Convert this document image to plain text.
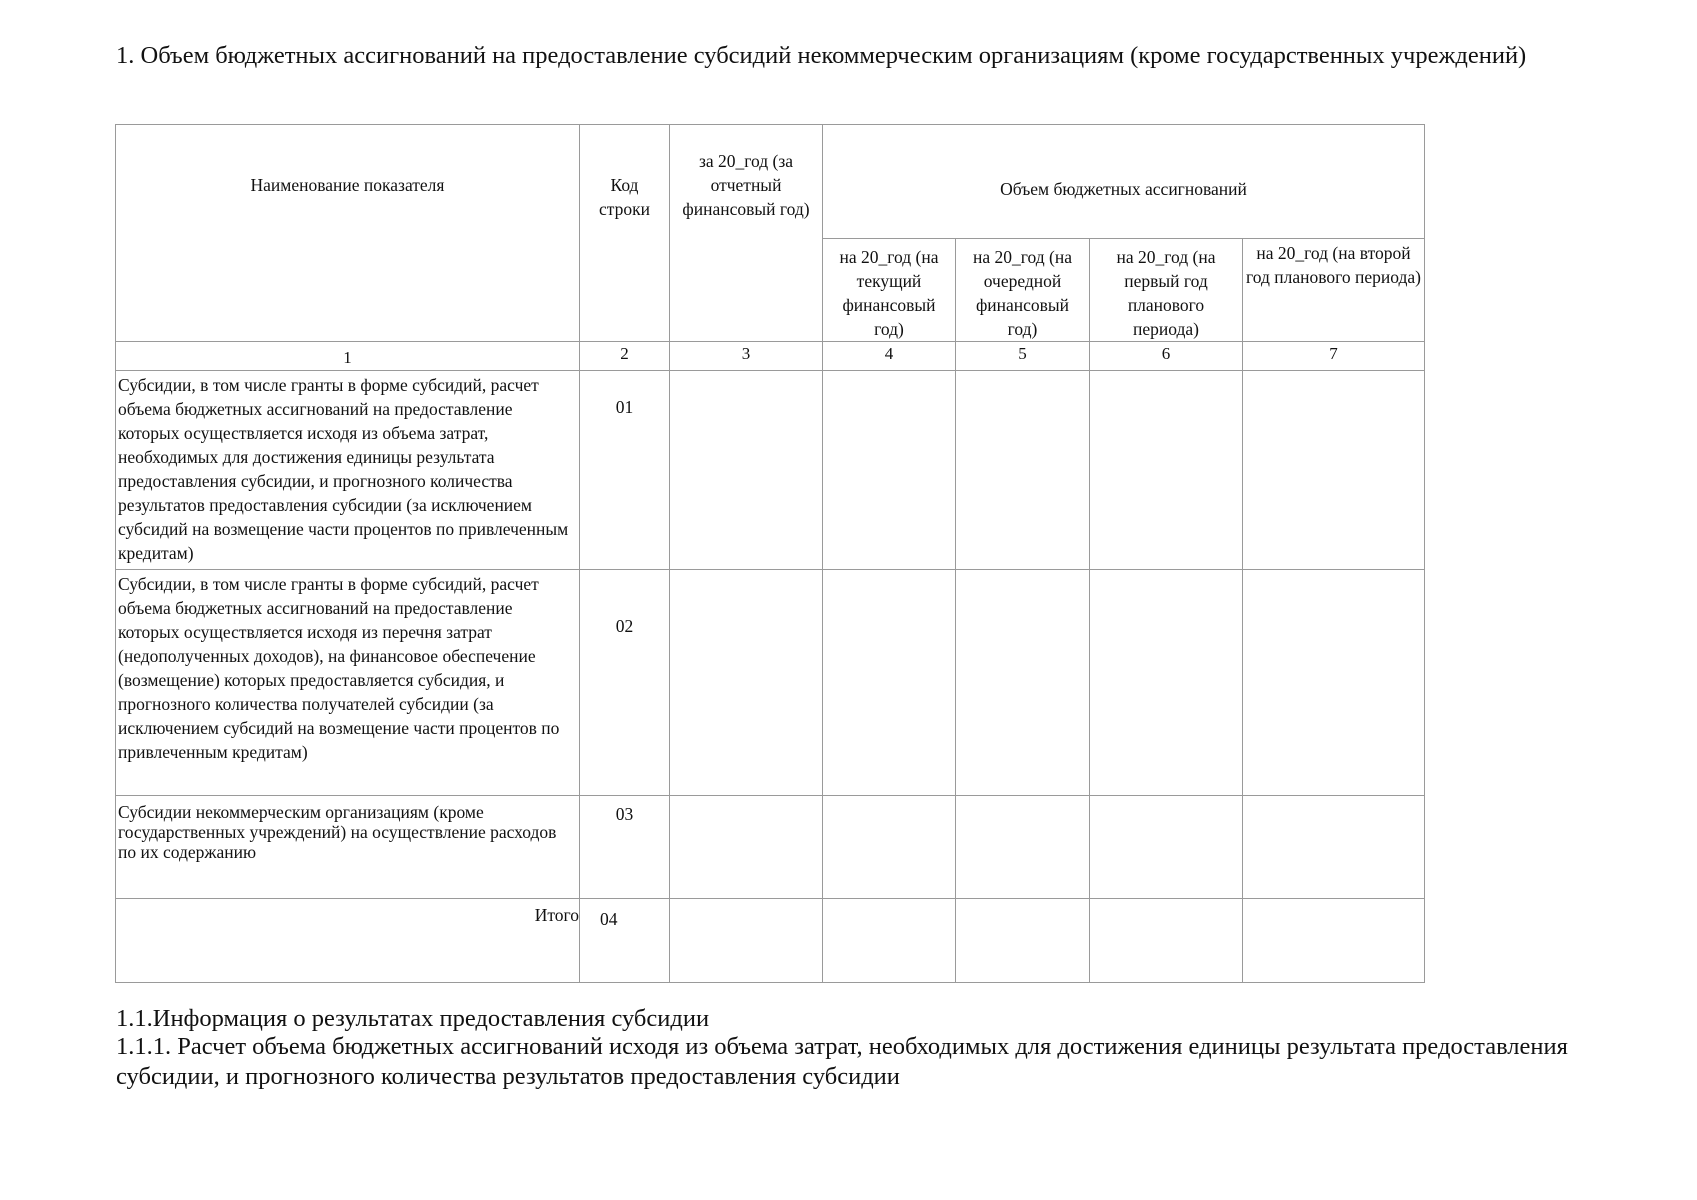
1. Объем бюджетных ассигнований на предоставление субсидий некоммерческим организациям (кроме государственных учреждений)
Наименование показателя	Код строки	за 20_год (за отчетный финансовый год)	Объем бюджетных ассигнований			

			на 20_год (на текущий финансовый год)	на 20_год (на очередной финансовый год)	на 20_год (на первый год планового периода)	на 20_год (на второй год планового периода)

1	2	3	4	5	6	7
Субсидии, в том числе гранты в форме субсидий, расчет объема бюджетных ассигнований на предоставление которых осуществляется исходя из объема затрат, необходимых для достижения единицы результата предоставления субсидии, и прогнозного количества результатов предоставления субсидии (за исключением субсидий на возмещение части процентов по привлеченным кредитам)	01					
Субсидии, в том числе гранты в форме субсидий, расчет объема бюджетных ассигнований на предоставление которых осуществляется исходя из перечня затрат (недополученных доходов), на финансовое обеспечение (возмещение) которых предоставляется субсидия, и прогнозного количества получателей субсидии (за исключением субсидий на возмещение части процентов по привлеченным кредитам)	02					
Субсидии некоммерческим организациям (кроме государственных учреждений) на осуществление расходов по их содержанию	03					
Итого	04					
1.1.Информация о результатах предоставления субсидии
1.1.1. Расчет объема бюджетных ассигнований исходя из объема затрат, необходимых для достижения единицы результата предоставления субсидии, и прогнозного количества результатов предоставления субсидии
